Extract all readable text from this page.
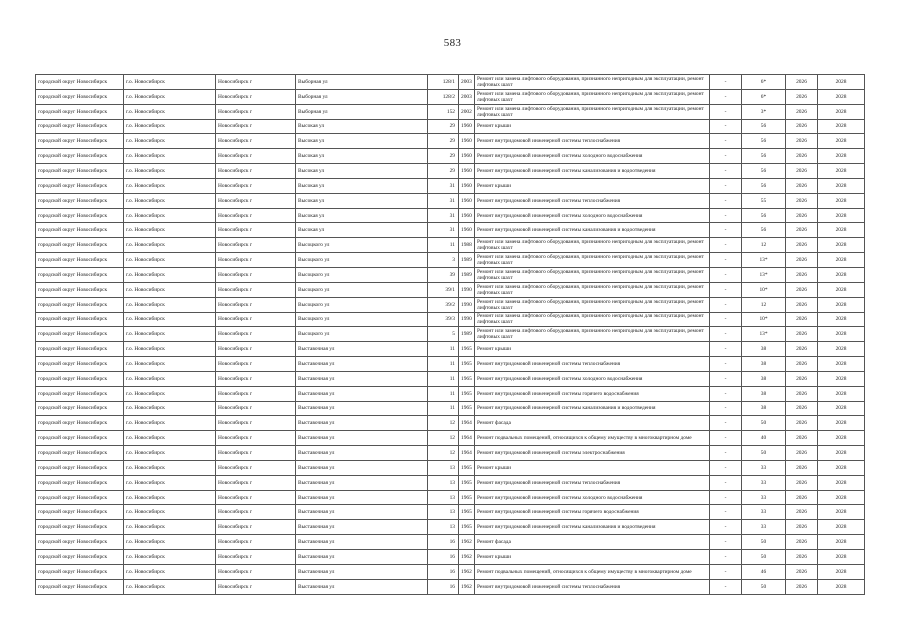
583
городской округ Новосибирск	г.о. Новосибирск	Новосибирск г	Выборная ул	128/1	2003	Ремонт или замена лифтового оборудования, признанного непригодным для эксплуатации, ремонт лифтовых шахт	-	6*	2026	2028
городской округ Новосибирск	г.о. Новосибирск	Новосибирск г	Выборная ул	128/2	2003	Ремонт или замена лифтового оборудования, признанного непригодным для эксплуатации, ремонт лифтовых шахт	-	6*	2026	2028
городской округ Новосибирск	г.о. Новосибирск	Новосибирск г	Выборная ул	152	2002	Ремонт или замена лифтового оборудования, признанного непригодным для эксплуатации, ремонт лифтовых шахт	-	3*	2026	2028
городской округ Новосибирск	г.о. Новосибирск	Новосибирск г	Высокая ул	29	1960	Ремонт крыши	-	56	2026	2028
городской округ Новосибирск	г.о. Новосибирск	Новосибирск г	Высокая ул	29	1960	Ремонт внутридомовой инженерной системы теплоснабжения	-	56	2026	2028
городской округ Новосибирск	г.о. Новосибирск	Новосибирск г	Высокая ул	29	1960	Ремонт внутридомовой инженерной системы холодного водоснабжения	-	56	2026	2028
городской округ Новосибирск	г.о. Новосибирск	Новосибирск г	Высокая ул	29	1960	Ремонт внутридомовой инженерной системы канализования и водоотведения	-	56	2026	2028
городской округ Новосибирск	г.о. Новосибирск	Новосибирск г	Высокая ул	31	1960	Ремонт крыши	-	56	2026	2028
городской округ Новосибирск	г.о. Новосибирск	Новосибирск г	Высокая ул	31	1960	Ремонт внутридомовой инженерной системы теплоснабжения	-	55	2026	2028
городской округ Новосибирск	г.о. Новосибирск	Новосибирск г	Высокая ул	31	1960	Ремонт внутридомовой инженерной системы холодного водоснабжения	-	56	2026	2028
городской округ Новосибирск	г.о. Новосибирск	Новосибирск г	Высокая ул	31	1960	Ремонт внутридомовой инженерной системы канализования и водоотведения	-	56	2026	2028
городской округ Новосибирск	г.о. Новосибирск	Новосибирск г	Высоцкого ул	11	1988	Ремонт или замена лифтового оборудования, признанного непригодным для эксплуатации, ремонт лифтовых шахт	-	12	2026	2028
городской округ Новосибирск	г.о. Новосибирск	Новосибирск г	Высоцкого ул	3	1989	Ремонт или замена лифтового оборудования, признанного непригодным для эксплуатации, ремонт лифтовых шахт	-	13*	2026	2028
городской округ Новосибирск	г.о. Новосибирск	Новосибирск г	Высоцкого ул	39	1989	Ремонт или замена лифтового оборудования, признанного непригодным для эксплуатации, ремонт лифтовых шахт	-	13*	2026	2028
городской округ Новосибирск	г.о. Новосибирск	Новосибирск г	Высоцкого ул	39/1	1990	Ремонт или замена лифтового оборудования, признанного непригодным для эксплуатации, ремонт лифтовых шахт	-	10*	2026	2028
городской округ Новосибирск	г.о. Новосибирск	Новосибирск г	Высоцкого ул	39/2	1990	Ремонт или замена лифтового оборудования, признанного непригодным для эксплуатации, ремонт лифтовых шахт	-	12	2026	2028
городской округ Новосибирск	г.о. Новосибирск	Новосибирск г	Высоцкого ул	39/3	1990	Ремонт или замена лифтового оборудования, признанного непригодным для эксплуатации, ремонт лифтовых шахт	-	10*	2026	2028
городской округ Новосибирск	г.о. Новосибирск	Новосибирск г	Высоцкого ул	5	1989	Ремонт или замена лифтового оборудования, признанного непригодным для эксплуатации, ремонт лифтовых шахт	-	13*	2026	2028
городской округ Новосибирск	г.о. Новосибирск	Новосибирск г	Выставочная ул	11	1965	Ремонт крыши	-	38	2026	2028
городской округ Новосибирск	г.о. Новосибирск	Новосибирск г	Выставочная ул	11	1965	Ремонт внутридомовой инженерной системы теплоснабжения	-	38	2026	2028
городской округ Новосибирск	г.о. Новосибирск	Новосибирск г	Выставочная ул	11	1965	Ремонт внутридомовой инженерной системы холодного водоснабжения	-	38	2026	2028
городской округ Новосибирск	г.о. Новосибирск	Новосибирск г	Выставочная ул	11	1965	Ремонт внутридомовой инженерной системы горячего водоснабжения	-	38	2026	2028
городской округ Новосибирск	г.о. Новосибирск	Новосибирск г	Выставочная ул	11	1965	Ремонт внутридомовой инженерной системы канализования и водоотведения	-	38	2026	2028
городской округ Новосибирск	г.о. Новосибирск	Новосибирск г	Выставочная ул	12	1964	Ремонт фасада	-	50	2026	2028
городской округ Новосибирск	г.о. Новосибирск	Новосибирск г	Выставочная ул	12	1964	Ремонт подвальных помещений, относящихся к общему имуществу в многоквартирном доме	-	40	2026	2028
городской округ Новосибирск	г.о. Новосибирск	Новосибирск г	Выставочная ул	12	1964	Ремонт внутридомовой инженерной системы электроснабжения	-	50	2026	2028
городской округ Новосибирск	г.о. Новосибирск	Новосибирск г	Выставочная ул	13	1965	Ремонт крыши	-	33	2026	2028
городской округ Новосибирск	г.о. Новосибирск	Новосибирск г	Выставочная ул	13	1965	Ремонт внутридомовой инженерной системы теплоснабжения	-	33	2026	2028
городской округ Новосибирск	г.о. Новосибирск	Новосибирск г	Выставочная ул	13	1965	Ремонт внутридомовой инженерной системы холодного водоснабжения	-	33	2026	2028
городской округ Новосибирск	г.о. Новосибирск	Новосибирск г	Выставочная ул	13	1965	Ремонт внутридомовой инженерной системы горячего водоснабжения	-	33	2026	2028
городской округ Новосибирск	г.о. Новосибирск	Новосибирск г	Выставочная ул	13	1965	Ремонт внутридомовой инженерной системы канализования и водоотведения	-	33	2026	2028
городской округ Новосибирск	г.о. Новосибирск	Новосибирск г	Выставочная ул	16	1962	Ремонт фасада	-	50	2026	2028
городской округ Новосибирск	г.о. Новосибирск	Новосибирск г	Выставочная ул	16	1962	Ремонт крыши	-	50	2026	2028
городской округ Новосибирск	г.о. Новосибирск	Новосибирск г	Выставочная ул	16	1962	Ремонт подвальных помещений, относящихся к общему имуществу в многоквартирном доме	-	46	2026	2028
городской округ Новосибирск	г.о. Новосибирск	Новосибирск г	Выставочная ул	16	1962	Ремонт внутридомовой инженерной системы теплоснабжения	-	50	2026	2028
